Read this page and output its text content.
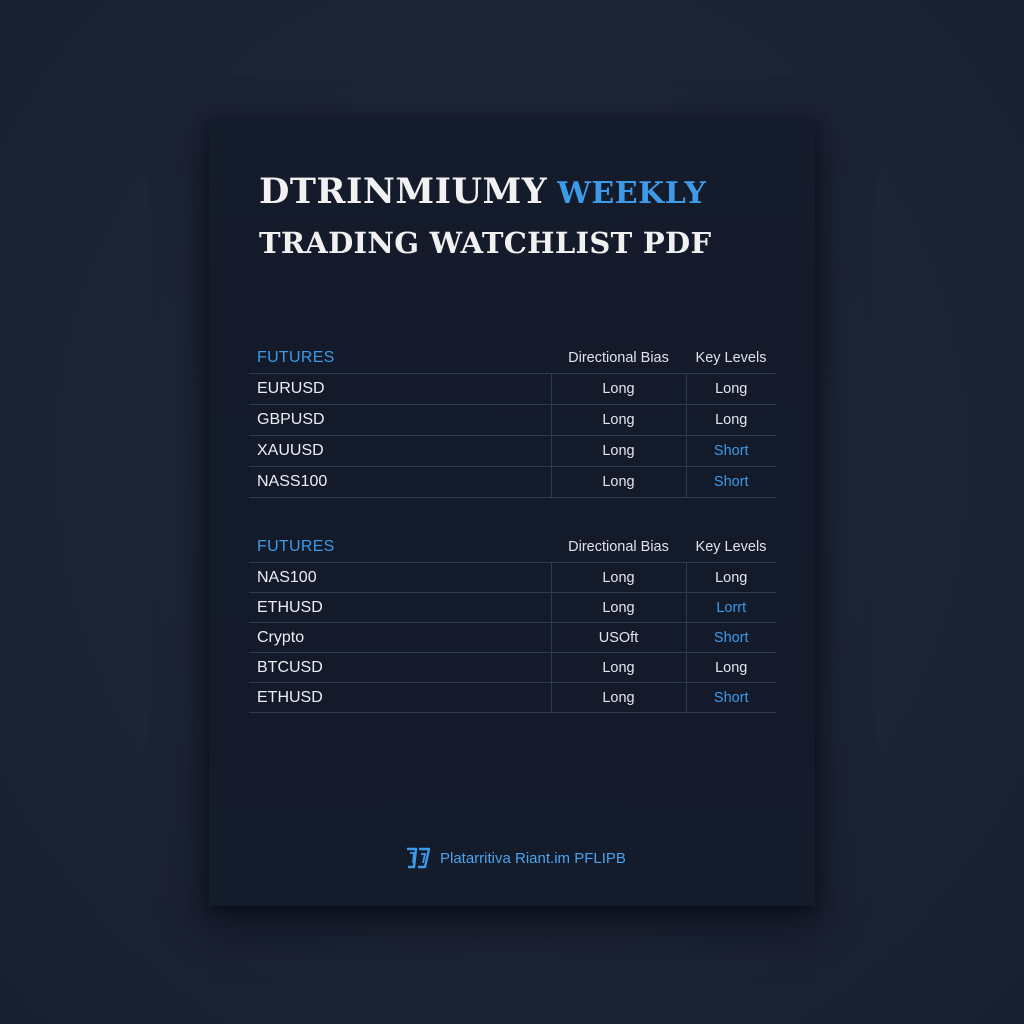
DTRINMIUMY WEEKLY
TRADING WATCHLIST PDF
FUTURES	Directional Bias	Key Levels
EURUSD	Long	Long
GBPUSD	Long	Long
XAUUSD	Long	Short
NASS100	Long	Short
FUTURES	Directional Bias	Key Levels
NAS100	Long	Long
ETHUSD	Long	Lorrt
Crypto	USOft	Short
BTCUSD	Long	Long
ETHUSD	Long	Short
Platarritiva Riant.im PFLIPB
